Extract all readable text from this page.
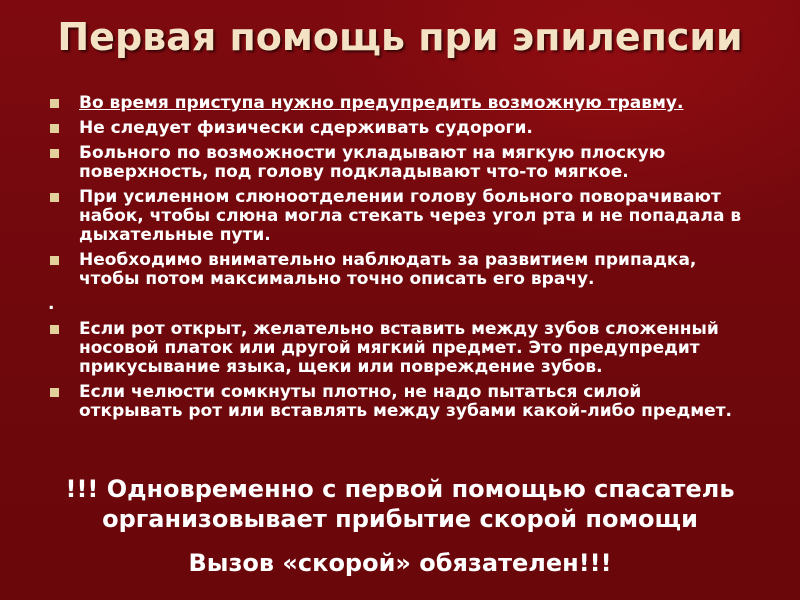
Первая помощь при эпилепсии
Во время приступа нужно предупредить возможную травму.
Не следует физически сдерживать судороги.
Больного по возможности укладывают на мягкую плоскую поверхность, под голову подкладывают что-то мягкое.
При усиленном слюноотделении голову больного поворачивают набок, чтобы слюна могла стекать через угол рта и не попадала в дыхательные пути.
Необходимо внимательно наблюдать за развитием припадка, чтобы потом максимально точно описать его врачу.
.
Если рот открыт, желательно вставить между зубов сложенный носовой платок или другой мягкий предмет. Это предупредит прикусывание языка, щеки или повреждение зубов.
Если челюсти сомкнуты плотно, не надо пытаться силой открывать рот или вставлять между зубами какой-либо предмет.
!!! Одновременно с первой помощью спасатель организовывает прибытие скорой помощи
Вызов «скорой» обязателен!!!
